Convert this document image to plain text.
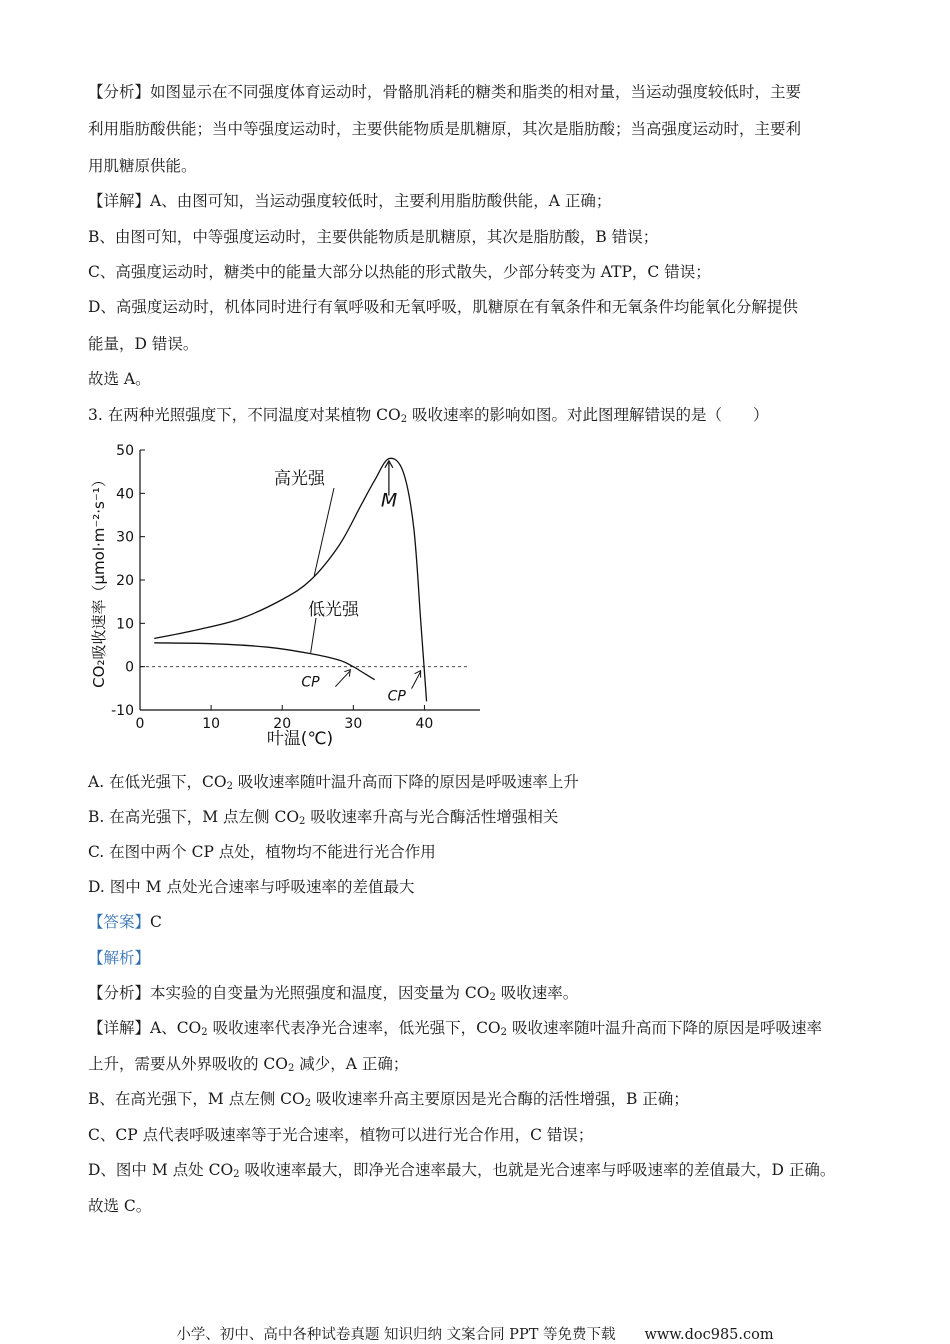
【分析】如图显示在不同强度体育运动时，骨骼肌消耗的糖类和脂类的相对量，当运动强度较低时，主要
利用脂肪酸供能；当中等强度运动时，主要供能物质是肌糖原，其次是脂肪酸；当高强度运动时，主要利
用肌糖原供能。
【详解】A、由图可知，当运动强度较低时，主要利用脂肪酸供能，A 正确；
B、由图可知，中等强度运动时，主要供能物质是肌糖原，其次是脂肪酸，B 错误；
C、高强度运动时，糖类中的能量大部分以热能的形式散失，少部分转变为 ATP，C 错误；
D、高强度运动时，机体同时进行有氧呼吸和无氧呼吸，肌糖原在有氧条件和无氧条件均能氧化分解提供
能量，D 错误。
故选 A。
3. 在两种光照强度下，不同温度对某植物 $CO_2$ 吸收速率的影响如图。对此图理解错误的是（　　）
-10
0
10
20
30
40
50
0	10	20	30	40
叶温(℃)
CO₂吸收速率（μmol·m⁻²·s⁻¹）	高光强
低光强
M
CP
CP
A. 在低光强下，$CO_2$ 吸收速率随叶温升高而下降的原因是呼吸速率上升
B. 在高光强下，M 点左侧 $CO_2$ 吸收速率升高与光合酶活性增强相关
C. 在图中两个 CP 点处，植物均不能进行光合作用
D. 图中 M 点处光合速率与呼吸速率的差值最大
【答案】C
【解析】
【分析】本实验的自变量为光照强度和温度，因变量为 $CO_2$ 吸收速率。
【详解】A、$CO_2$ 吸收速率代表净光合速率，低光强下，$CO_2$ 吸收速率随叶温升高而下降的原因是呼吸速率
上升，需要从外界吸收的 $CO_2$ 减少，A 正确；
B、在高光强下，M 点左侧 $CO_2$ 吸收速率升高主要原因是光合酶的活性增强，B 正确；
C、CP 点代表呼吸速率等于光合速率，植物可以进行光合作用，C 错误；
D、图中 M 点处 $CO_2$ 吸收速率最大，即净光合速率最大，也就是光合速率与呼吸速率的差值最大，D 正确。
故选 C。
小学、初中、高中各种试卷真题 知识归纳 文案合同 PPT 等免费下载　　www.doc985.com
